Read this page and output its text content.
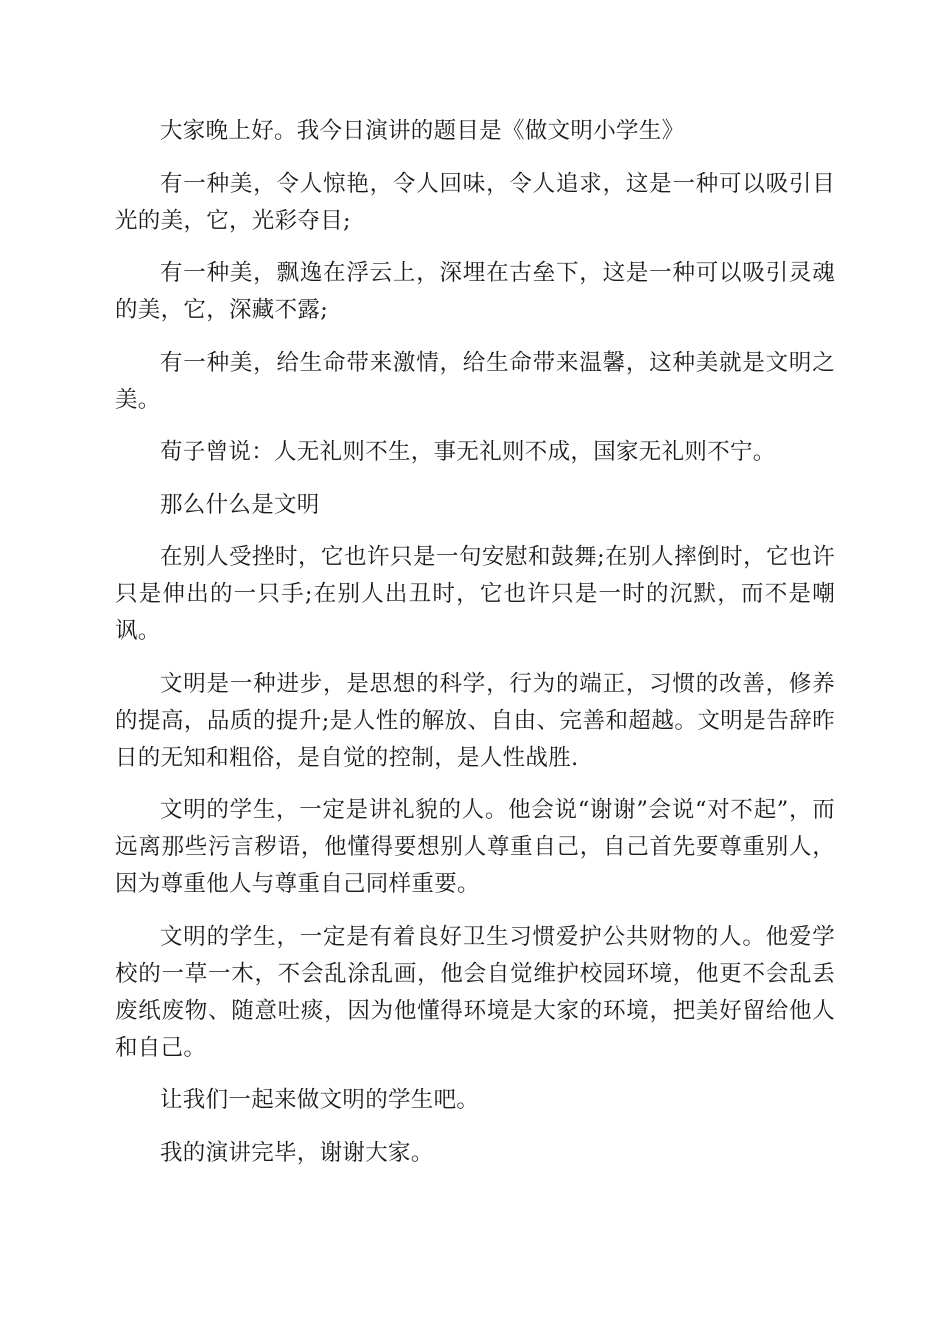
大家晚上好。我今日演讲的题目是《做文明小学生》

有一种美，令人惊艳，令人回味，令人追求，这是一种可以吸引目光的美，它，光彩夺目;

有一种美，飘逸在浮云上，深埋在古垒下，这是一种可以吸引灵魂的美，它，深藏不露;

有一种美，给生命带来激情，给生命带来温馨，这种美就是文明之美。

荀子曾说：人无礼则不生，事无礼则不成，国家无礼则不宁。

那么什么是文明

在别人受挫时，它也许只是一句安慰和鼓舞;在别人摔倒时，它也许只是伸出的一只手;在别人出丑时，它也许只是一时的沉默，而不是嘲讽。

文明是一种进步，是思想的科学，行为的端正，习惯的改善，修养的提高，品质的提升;是人性的解放、自由、完善和超越。文明是告辞昨日的无知和粗俗，是自觉的控制，是人性战胜.

文明的学生，一定是讲礼貌的人。他会说“谢谢”会说“对不起”，而远离那些污言秽语，他懂得要想别人尊重自己，自己首先要尊重别人，因为尊重他人与尊重自己同样重要。

文明的学生，一定是有着良好卫生习惯爱护公共财物的人。他爱学校的一草一木，不会乱涂乱画，他会自觉维护校园环境，他更不会乱丢废纸废物、随意吐痰，因为他懂得环境是大家的环境，把美好留给他人和自己。

让我们一起来做文明的学生吧。

我的演讲完毕，谢谢大家。
